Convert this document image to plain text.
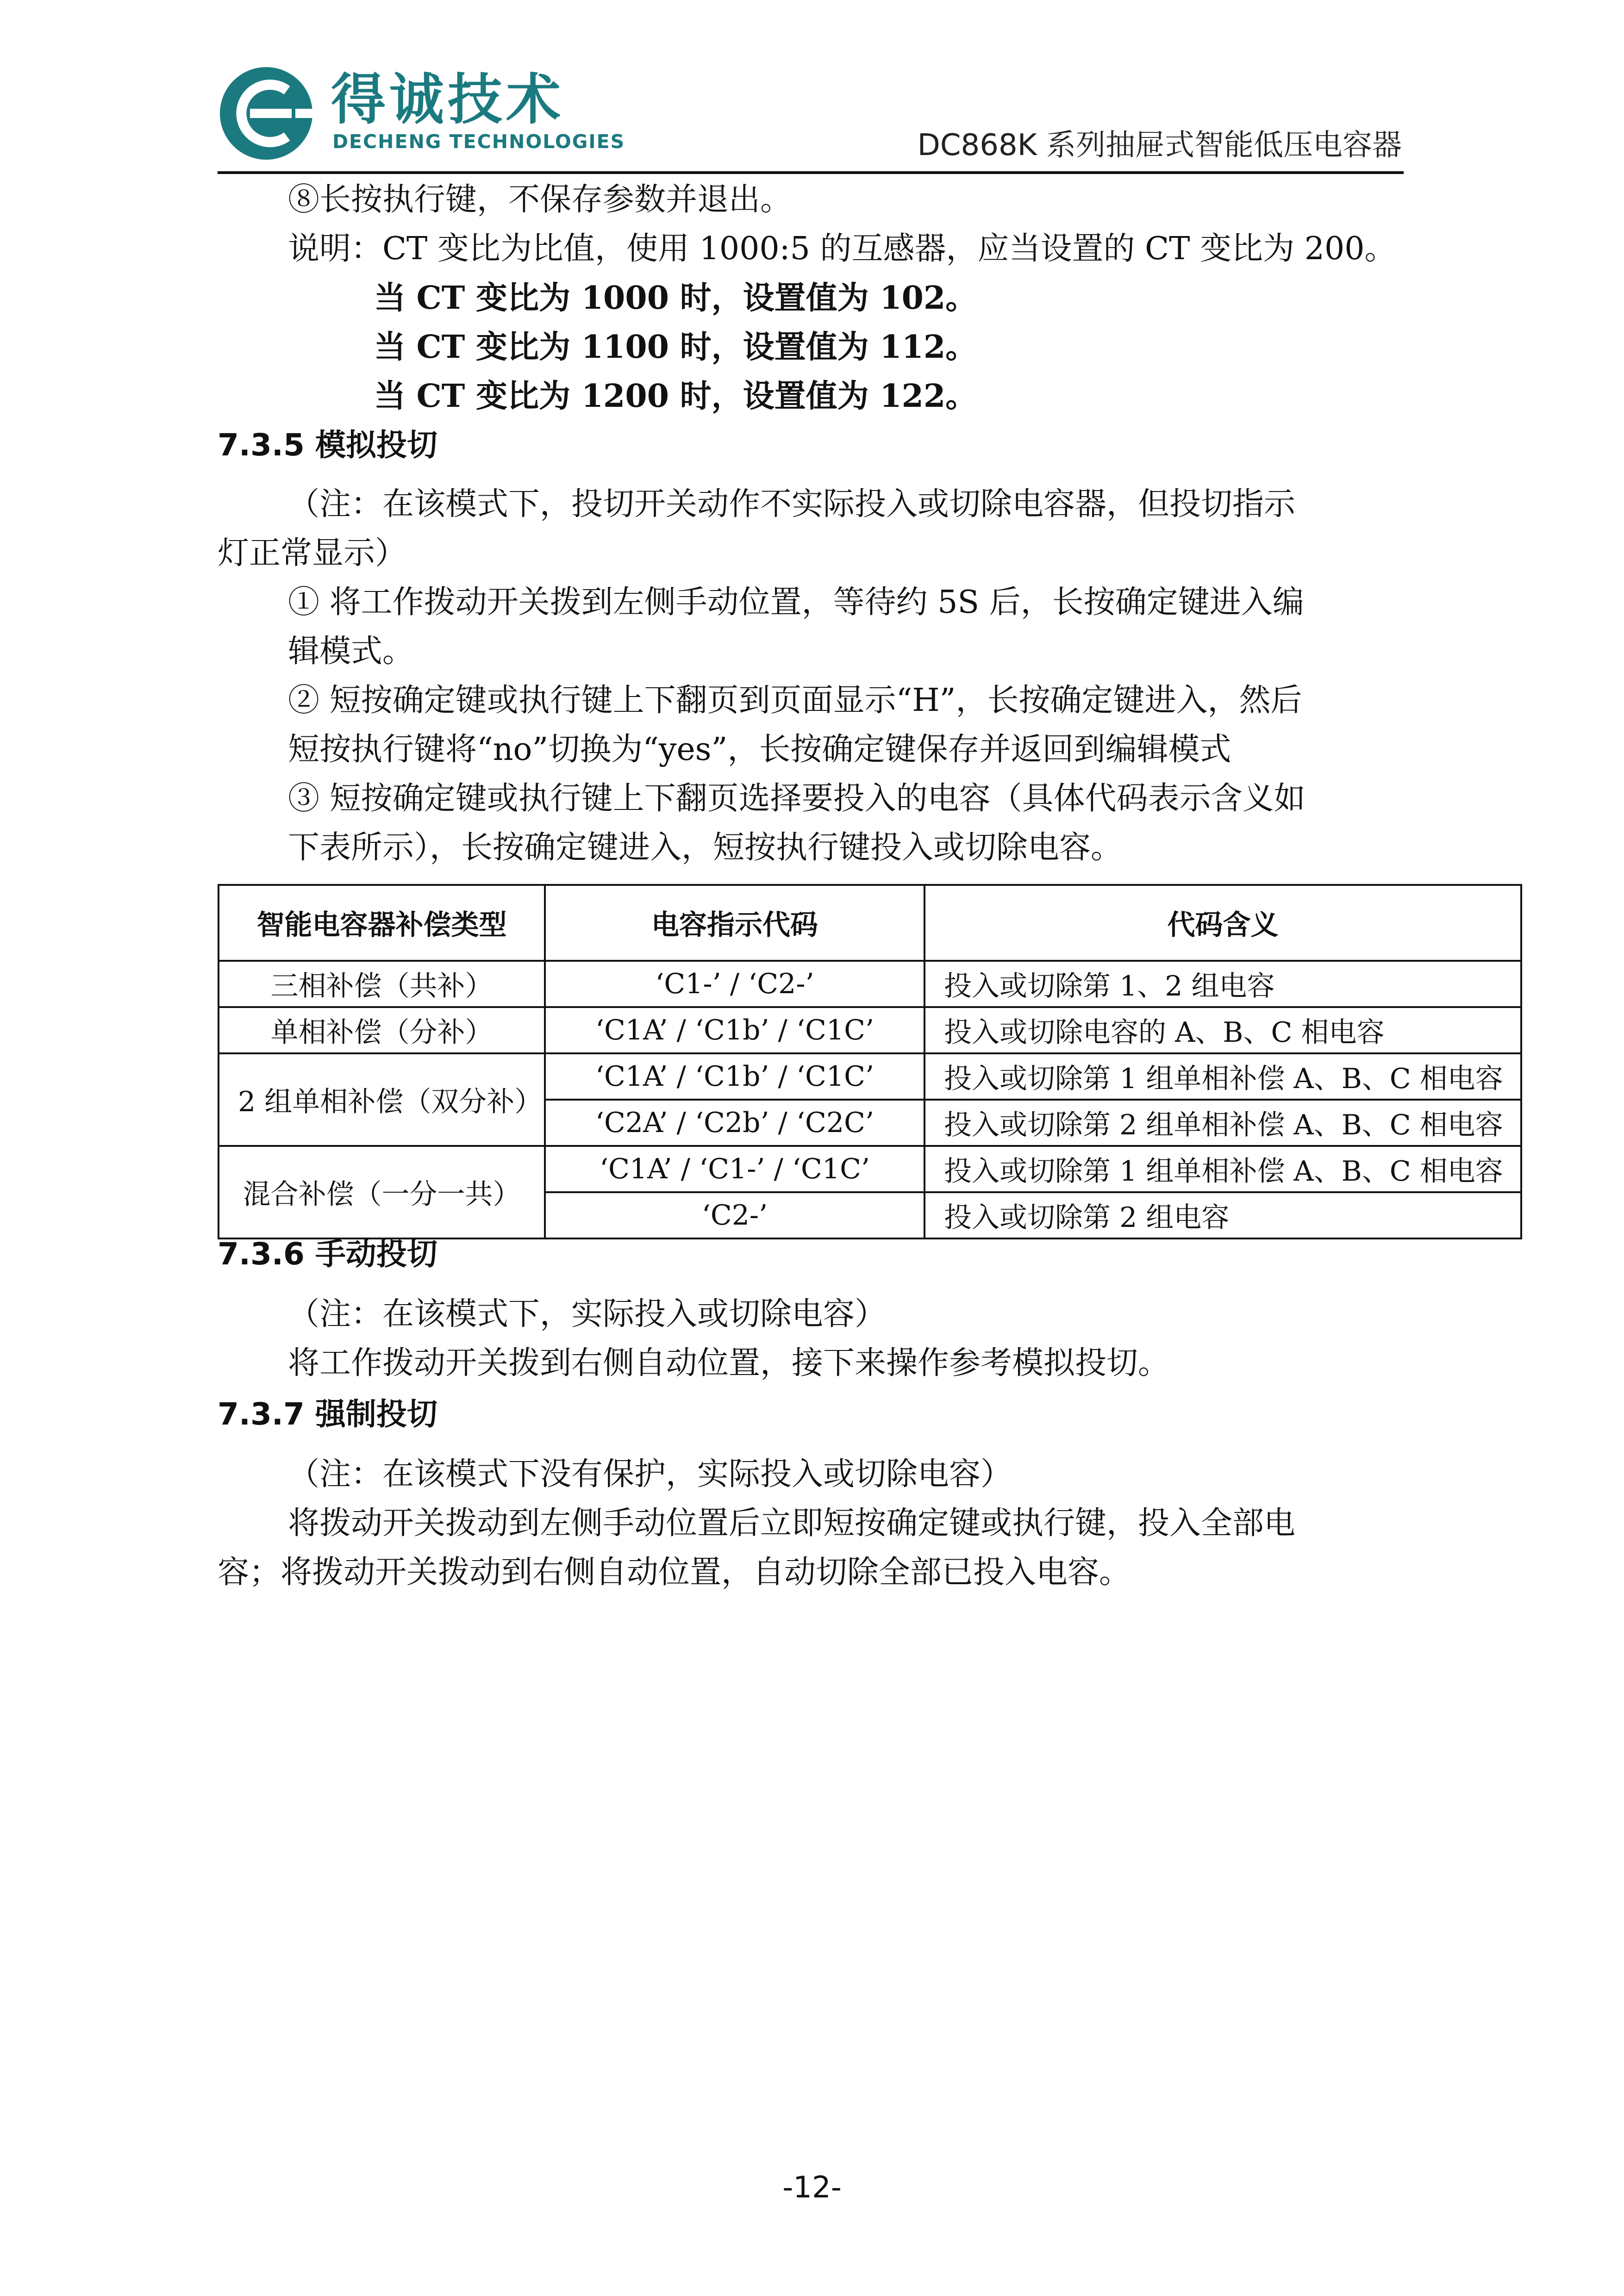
得诚技术
DECHENG TECHNOLOGIES	DC868K 系列抽屉式智能低压电容器
⑧长按执行键，不保存参数并退出。
说明：CT 变比为比值，使用 1000:5 的互感器，应当设置的 CT 变比为 200。
当 CT 变比为 1000 时，设置值为 102。
当 CT 变比为 1100 时，设置值为 112。
当 CT 变比为 1200 时，设置值为 122。
7.3.5 模拟投切
（注：在该模式下，投切开关动作不实际投入或切除电容器，但投切指示
灯正常显示）
① 将工作拨动开关拨到左侧手动位置，等待约 5S 后，长按确定键进入编
辑模式。
② 短按确定键或执行键上下翻页到页面显示“H”，长按确定键进入，然后
短按执行键将“no”切换为“yes”，长按确定键保存并返回到编辑模式
③ 短按确定键或执行键上下翻页选择要投入的电容（具体代码表示含义如
下表所示），长按确定键进入，短按执行键投入或切除电容。
智能电容器补偿类型	电容指示代码	代码含义
三相补偿（共补）	‘C1-’ / ‘C2-’	投入或切除第 1、2 组电容
单相补偿（分补）	‘C1A’ / ‘C1b’ / ‘C1C’	投入或切除电容的 A、B、C 相电容
2 组单相补偿（双分补）	‘C1A’ / ‘C1b’ / ‘C1C’	投入或切除第 1 组单相补偿 A、B、C 相电容
	‘C2A’ / ‘C2b’ / ‘C2C’	投入或切除第 2 组单相补偿 A、B、C 相电容
混合补偿（一分一共）	‘C1A’ / ‘C1-’ / ‘C1C’	投入或切除第 1 组单相补偿 A、B、C 相电容
	‘C2-’	投入或切除第 2 组电容
7.3.6 手动投切
（注：在该模式下，实际投入或切除电容）
将工作拨动开关拨到右侧自动位置，接下来操作参考模拟投切。
7.3.7 强制投切
（注：在该模式下没有保护，实际投入或切除电容）
将拨动开关拨动到左侧手动位置后立即短按确定键或执行键，投入全部电
容；将拨动开关拨动到右侧自动位置，自动切除全部已投入电容。
-12-
